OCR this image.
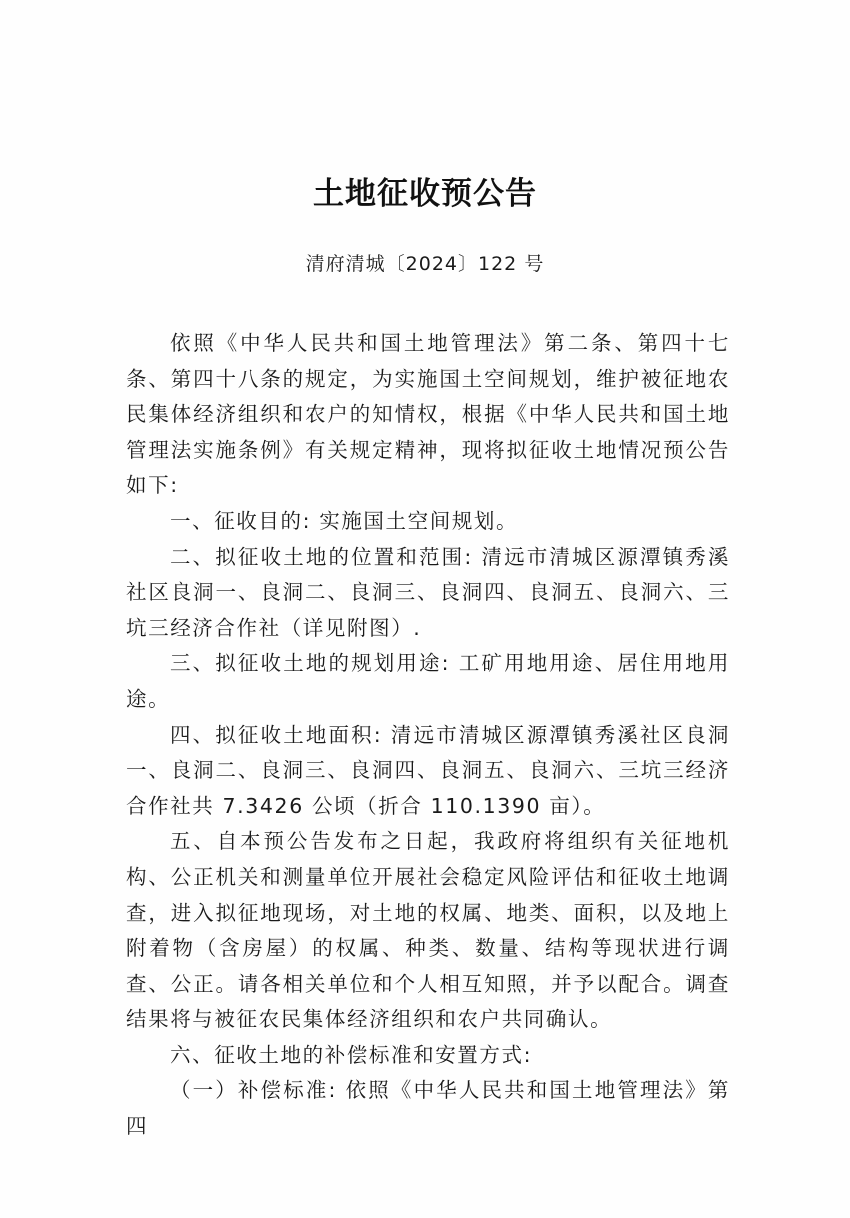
土地征收预公告
清府清城〔2024〕122 号

依照《中华人民共和国土地管理法》第二条、第四十七条、第四十八条的规定，为实施国土空间规划，维护被征地农民集体经济组织和农户的知情权，根据《中华人民共和国土地管理法实施条例》有关规定精神，现将拟征收土地情况预公告如下:

一、征收目的: 实施国土空间规划。

二、拟征收土地的位置和范围: 清远市清城区源潭镇秀溪社区良洞一、良洞二、良洞三、良洞四、良洞五、良洞六、三坑三经济合作社（详见附图）.

三、拟征收土地的规划用途: 工矿用地用途、居住用地用途。

四、拟征收土地面积: 清远市清城区源潭镇秀溪社区良洞一、良洞二、良洞三、良洞四、良洞五、良洞六、三坑三经济合作社共 7.3426 公顷（折合 110.1390 亩）。

五、自本预公告发布之日起，我政府将组织有关征地机构、公正机关和测量单位开展社会稳定风险评估和征收土地调查，进入拟征地现场，对土地的权属、地类、面积，以及地上附着物（含房屋）的权属、种类、数量、结构等现状进行调查、公正。请各相关单位和个人相互知照，并予以配合。调查结果将与被征农民集体经济组织和农户共同确认。

六、征收土地的补偿标准和安置方式:

（一）补偿标准: 依照《中华人民共和国土地管理法》第四
